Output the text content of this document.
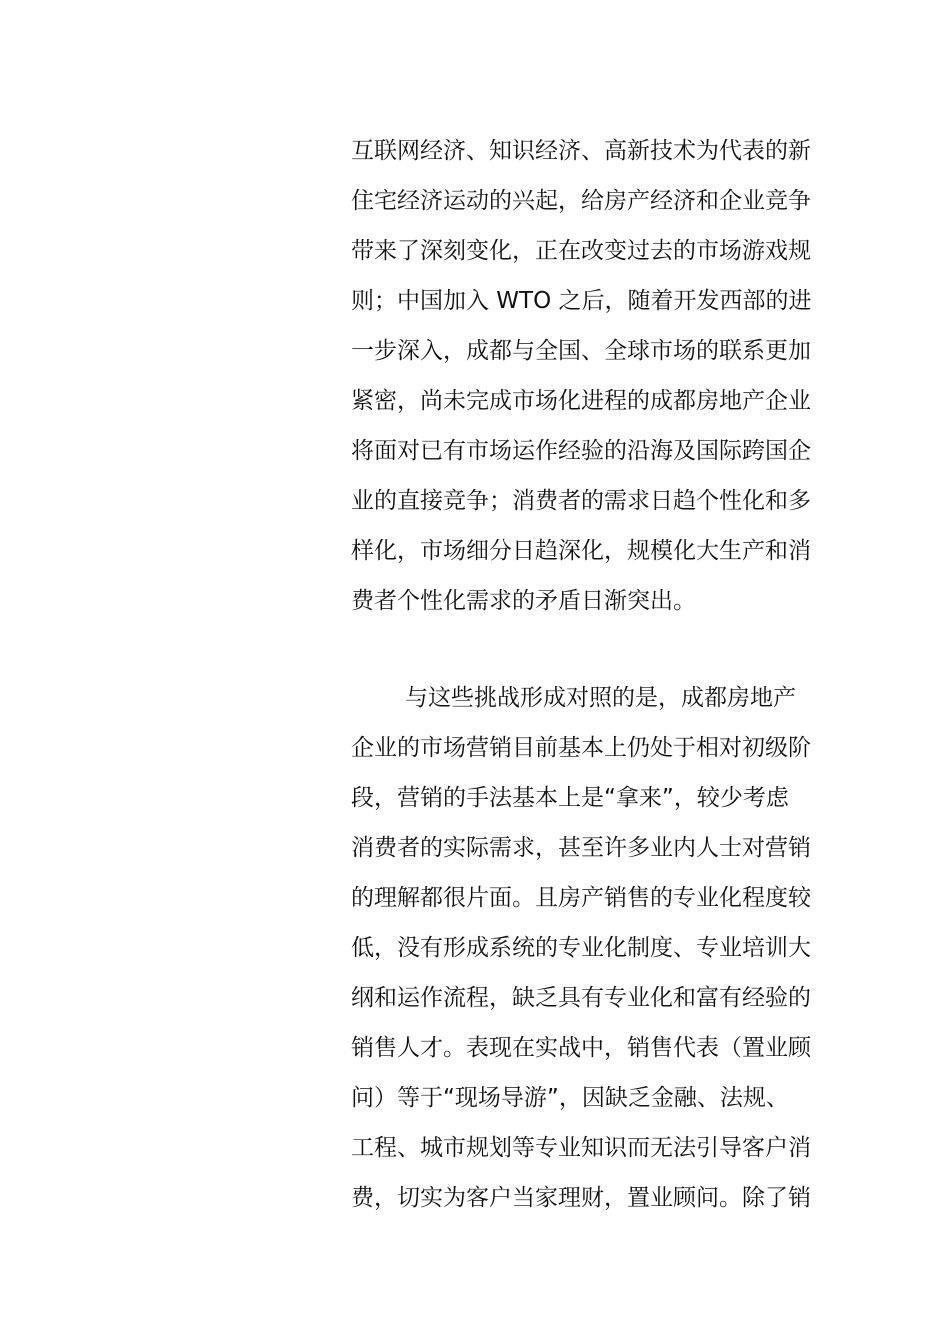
互联网经济、知识经济、高新技术为代表的新
住宅经济运动的兴起，给房产经济和企业竞争
带来了深刻变化，正在改变过去的市场游戏规
则；中国加入 WTO 之后，随着开发西部的进
一步深入，成都与全国、全球市场的联系更加
紧密，尚未完成市场化进程的成都房地产企业
将面对已有市场运作经验的沿海及国际跨国企
业的直接竞争；消费者的需求日趋个性化和多
样化，市场细分日趋深化，规模化大生产和消
费者个性化需求的矛盾日渐突出。
与这些挑战形成对照的是，成都房地产
企业的市场营销目前基本上仍处于相对初级阶
段，营销的手法基本上是“拿来”，较少考虑
消费者的实际需求，甚至许多业内人士对营销
的理解都很片面。且房产销售的专业化程度较
低，没有形成系统的专业化制度、专业培训大
纲和运作流程，缺乏具有专业化和富有经验的
销售人才。表现在实战中，销售代表（置业顾
问）等于“现场导游”，因缺乏金融、法规、
工程、城市规划等专业知识而无法引导客户消
费，切实为客户当家理财，置业顾问。除了销
